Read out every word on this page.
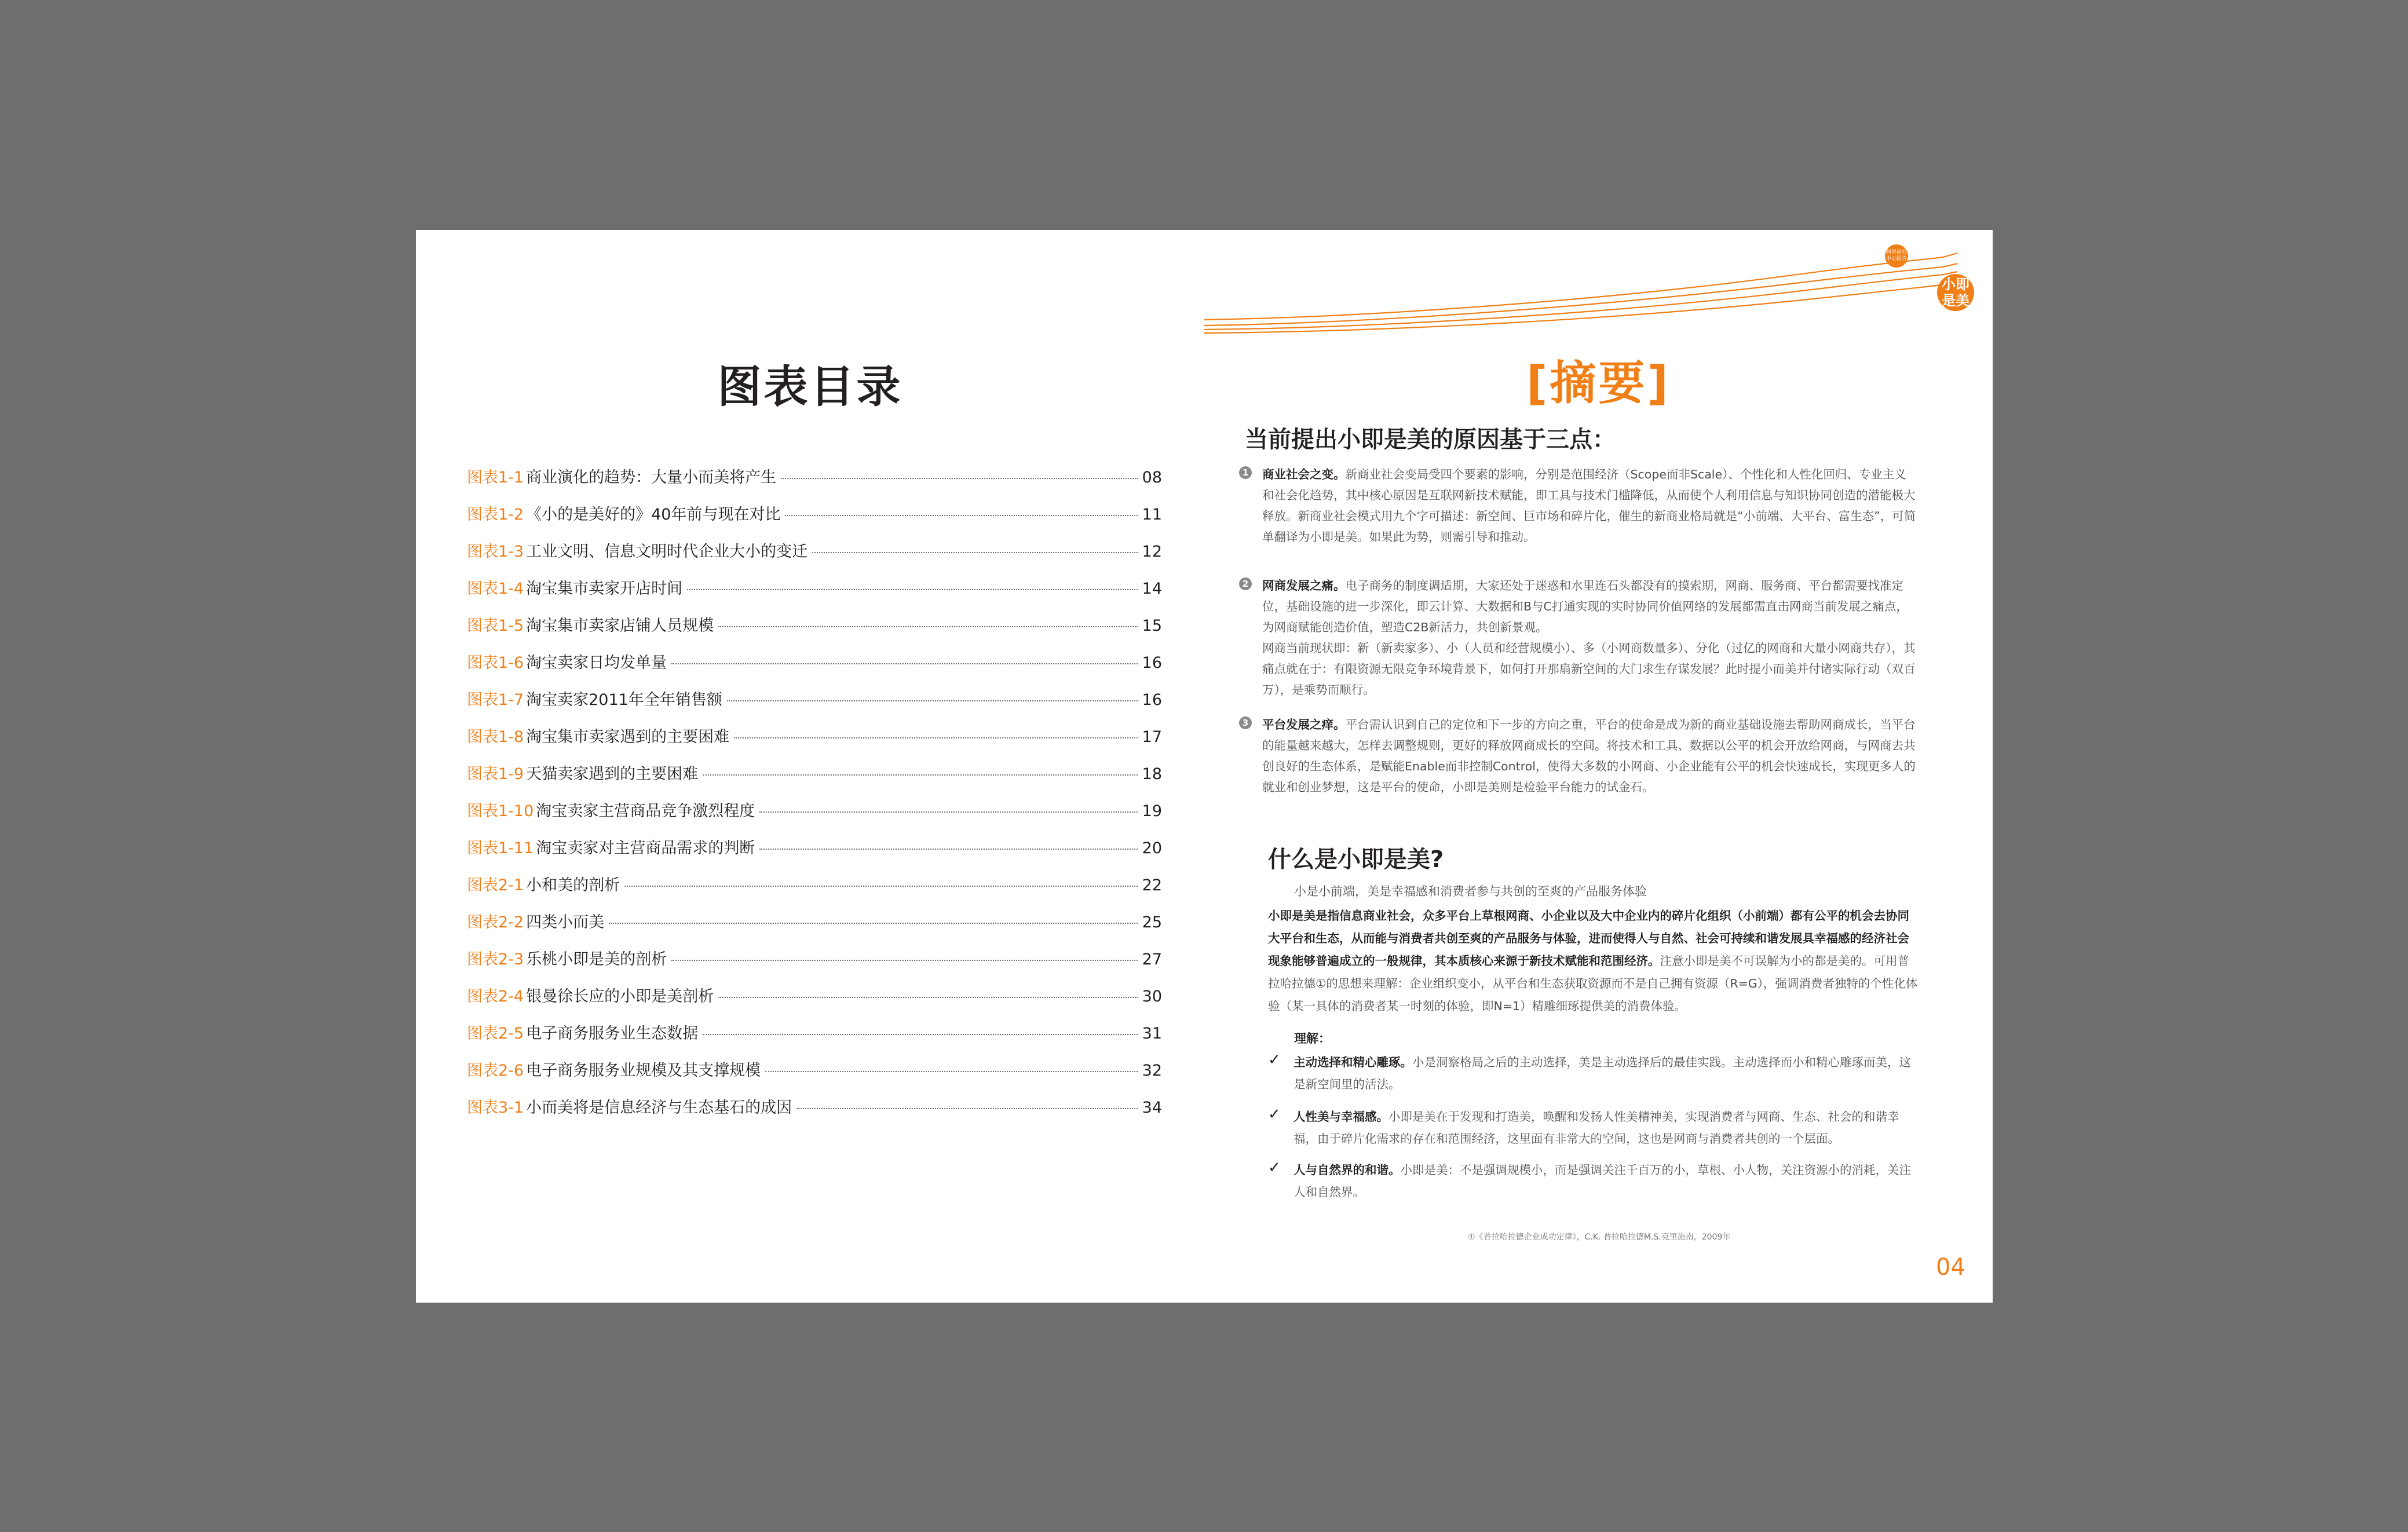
图表目录
图表1-1 商业演化的趋势：大量小而美将产生	08
图表1-2 《小的是美好的》40年前与现在对比	11
图表1-3 工业文明、信息文明时代企业大小的变迁	12
图表1-4 淘宝集市卖家开店时间	14
图表1-5 淘宝集市卖家店铺人员规模	15
图表1-6 淘宝卖家日均发单量	16
图表1-7 淘宝卖家2011年全年销售额	16
图表1-8 淘宝集市卖家遇到的主要困难	17
图表1-9 天猫卖家遇到的主要困难	18
图表1-10 淘宝卖家主营商品竞争激烈程度	19
图表1-11 淘宝卖家对主营商品需求的判断	20
图表2-1 小和美的剖析	22
图表2-2 四类小而美	25
图表2-3 乐桃小即是美的剖析	27
图表2-4 银曼徐长应的小即是美剖析	30
图表2-5 电子商务服务业生态数据	31
图表2-6 电子商务服务业规模及其支撑规模	32
图表3-1 小而美将是信息经济与生态基石的成因	34
阿里研究
中心报告
小即
是美
[摘要]
当前提出小即是美的原因基于三点：
1 商业社会之变。新商业社会变局受四个要素的影响，分别是范围经济（Scope而非Scale）、个性化和人性化回归、专业主义和社会化趋势，其中核心原因是互联网新技术赋能，即工具与技术门槛降低，从而使个人利用信息与知识协同创造的潜能极大释放。新商业社会模式用九个字可描述：新空间、巨市场和碎片化，催生的新商业格局就是“小前端、大平台、富生态”，可简单翻译为小即是美。如果此为势，则需引导和推动。
2 网商发展之痛。电子商务的制度调适期，大家还处于迷惑和水里连石头都没有的摸索期，网商、服务商、平台都需要找准定位，基础设施的进一步深化，即云计算、大数据和B与C打通实现的实时协同价值网络的发展都需直击网商当前发展之痛点，为网商赋能创造价值，塑造C2B新活力，共创新景观。
网商当前现状即：新（新卖家多）、小（人员和经营规模小）、多（小网商数量多）、分化（过亿的网商和大量小网商共存），其痛点就在于：有限资源无限竞争环境背景下，如何打开那扇新空间的大门求生存谋发展？此时提小而美并付诸实际行动（双百万），是乘势而顺行。
3 平台发展之痒。平台需认识到自己的定位和下一步的方向之重，平台的使命是成为新的商业基础设施去帮助网商成长，当平台的能量越来越大，怎样去调整规则，更好的释放网商成长的空间。将技术和工具、数据以公平的机会开放给网商，与网商去共创良好的生态体系，是赋能Enable而非控制Control，使得大多数的小网商、小企业能有公平的机会快速成长，实现更多人的就业和创业梦想，这是平台的使命，小即是美则是检验平台能力的试金石。
什么是小即是美?
小是小前端，美是幸福感和消费者参与共创的至爽的产品服务体验
小即是美是指信息商业社会，众多平台上草根网商、小企业以及大中企业内的碎片化组织（小前端）都有公平的机会去协同大平台和生态，从而能与消费者共创至爽的产品服务与体验，进而使得人与自然、社会可持续和谐发展具幸福感的经济社会现象能够普遍成立的一般规律，其本质核心来源于新技术赋能和范围经济。注意小即是美不可误解为小的都是美的。可用普拉哈拉德①的思想来理解：企业组织变小，从平台和生态获取资源而不是自己拥有资源（R=G），强调消费者独特的个性化体验（某一具体的消费者某一时刻的体验，即N=1）精雕细琢提供美的消费体验。
理解：
✓ 主动选择和精心雕琢。小是洞察格局之后的主动选择，美是主动选择后的最佳实践。主动选择而小和精心雕琢而美，这是新空间里的活法。
✓ 人性美与幸福感。小即是美在于发现和打造美，唤醒和发扬人性美精神美，实现消费者与网商、生态、社会的和谐幸福，由于碎片化需求的存在和范围经济，这里面有非常大的空间，这也是网商与消费者共创的一个层面。
✓ 人与自然界的和谐。小即是美：不是强调规模小，而是强调关注千百万的小，草根、小人物，关注资源小的消耗，关注人和自然界。
①《普拉哈拉德企业成功定律》，C.K. 普拉哈拉德M.S.克里施南，2009年
04
